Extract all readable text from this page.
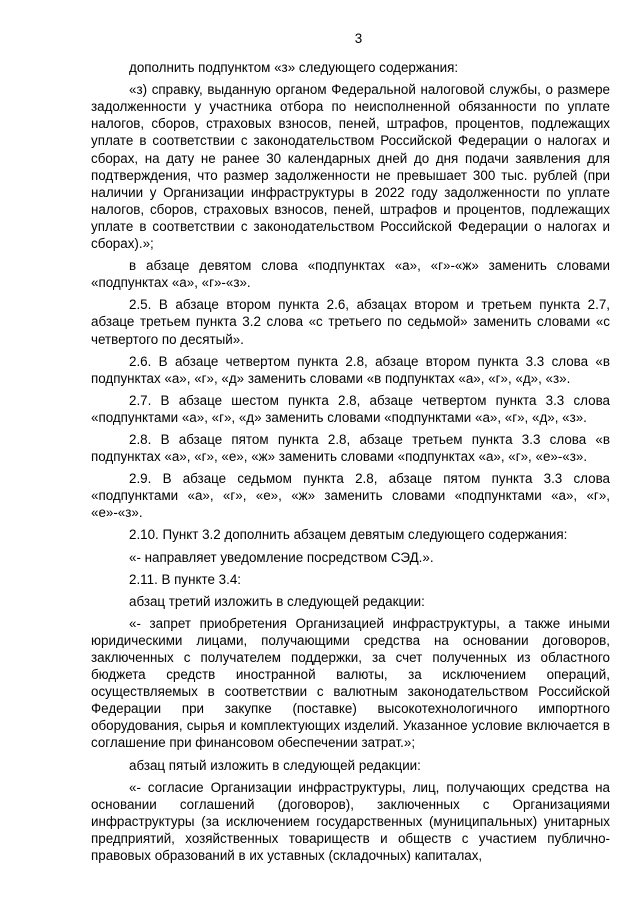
3

дополнить подпунктом «з» следующего содержания:

«з) справку, выданную органом Федеральной налоговой службы, о размере задолженности у участника отбора по неисполненной обязанности по уплате налогов, сборов, страховых взносов, пеней, штрафов, процентов, подлежащих уплате в соответствии с законодательством Российской Федерации о налогах и сборах, на дату не ранее 30 календарных дней до дня подачи заявления для подтверждения, что размер задолженности не превышает 300 тыс. рублей (при наличии у Организации инфраструктуры в 2022 году задолженности по уплате налогов, сборов, страховых взносов, пеней, штрафов и процентов, подлежащих уплате в соответствии с законодательством Российской Федерации о налогах и сборах).»;

в абзаце девятом слова «подпунктах «а», «г»-«ж» заменить словами «подпунктах «а», «г»-«з».

2.5. В абзаце втором пункта 2.6, абзацах втором и третьем пункта 2.7, абзаце третьем пункта 3.2 слова «с третьего по седьмой» заменить словами «с четвертого по десятый».

2.6. В абзаце четвертом пункта 2.8, абзаце втором пункта 3.3 слова «в подпунктах «а», «г», «д» заменить словами «в подпунктах «а», «г», «д», «з».

2.7. В абзаце шестом пункта 2.8, абзаце четвертом пункта 3.3 слова «подпунктами «а», «г», «д» заменить словами «подпунктами «а», «г», «д», «з».

2.8. В абзаце пятом пункта 2.8, абзаце третьем пункта 3.3 слова «в подпунктах «а», «г», «е», «ж» заменить словами «подпунктах «а», «г», «е»-«з».

2.9. В абзаце седьмом пункта 2.8, абзаце пятом пункта 3.3 слова «подпунктами «а», «г», «е», «ж» заменить словами «подпунктами «а», «г», «е»-«з».

2.10. Пункт 3.2 дополнить абзацем девятым следующего содержания:

«- направляет уведомление посредством СЭД.».

2.11. В пункте 3.4:

абзац третий изложить в следующей редакции:

«- запрет приобретения Организацией инфраструктуры, а также иными юридическими лицами, получающими средства на основании договоров, заключенных с получателем поддержки, за счет полученных из областного бюджета средств иностранной валюты, за исключением операций, осуществляемых в соответствии с валютным законодательством Российской Федерации при закупке (поставке) высокотехнологичного импортного оборудования, сырья и комплектующих изделий. Указанное условие включается в соглашение при финансовом обеспечении затрат.»;

абзац пятый изложить в следующей редакции:

«- согласие Организации инфраструктуры, лиц, получающих средства на основании соглашений (договоров), заключенных с Организациями инфраструктуры (за исключением государственных (муниципальных) унитарных предприятий, хозяйственных товариществ и обществ с участием публично-правовых образований в их уставных (складочных) капиталах,
